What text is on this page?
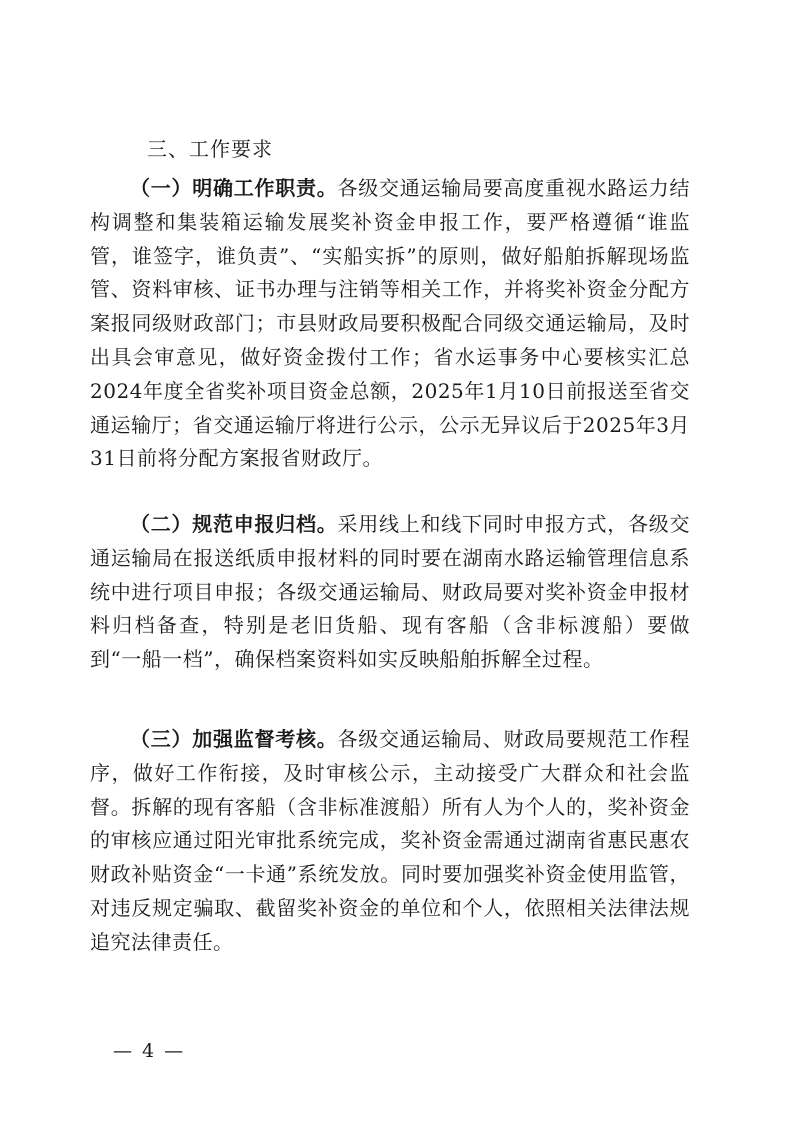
三、工作要求

（一）明确工作职责。各级交通运输局要高度重视水路运力结构调整和集装箱运输发展奖补资金申报工作，要严格遵循“谁监管，谁签字，谁负责”、“实船实拆”的原则，做好船舶拆解现场监管、资料审核、证书办理与注销等相关工作，并将奖补资金分配方案报同级财政部门；市县财政局要积极配合同级交通运输局，及时出具会审意见，做好资金拨付工作；省水运事务中心要核实汇总2024年度全省奖补项目资金总额，2025年1月10日前报送至省交通运输厅；省交通运输厅将进行公示，公示无异议后于2025年3月31日前将分配方案报省财政厅。

（二）规范申报归档。采用线上和线下同时申报方式，各级交通运输局在报送纸质申报材料的同时要在湖南水路运输管理信息系统中进行项目申报；各级交通运输局、财政局要对奖补资金申报材料归档备查，特别是老旧货船、现有客船（含非标渡船）要做到“一船一档”，确保档案资料如实反映船舶拆解全过程。

（三）加强监督考核。各级交通运输局、财政局要规范工作程序，做好工作衔接，及时审核公示，主动接受广大群众和社会监督。拆解的现有客船（含非标准渡船）所有人为个人的，奖补资金的审核应通过阳光审批系统完成，奖补资金需通过湖南省惠民惠农财政补贴资金“一卡通”系统发放。同时要加强奖补资金使用监管，对违反规定骗取、截留奖补资金的单位和个人，依照相关法律法规追究法律责任。

— 4 —
